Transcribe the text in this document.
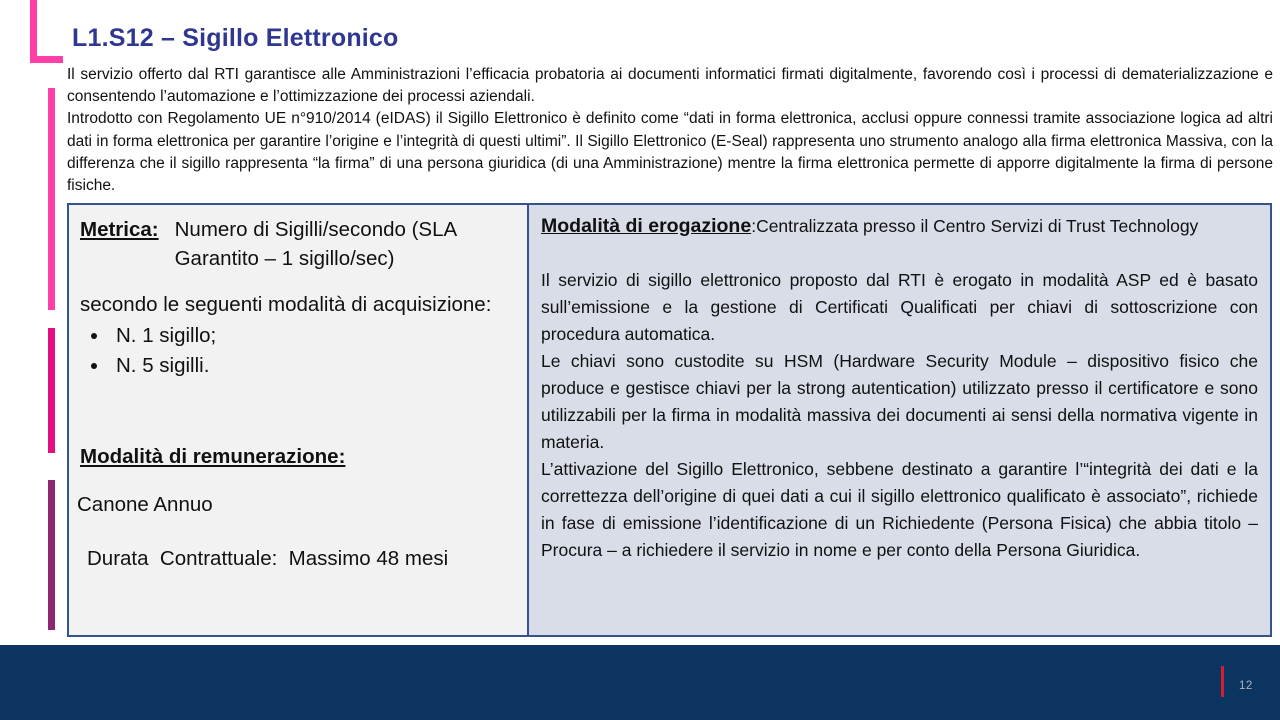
L1.S12 – Sigillo Elettronico

Il servizio offerto dal RTI garantisce alle Amministrazioni l’efficacia probatoria ai documenti informatici firmati digitalmente, favorendo così i processi di dematerializzazione e consentendo l’automazione e l’ottimizzazione dei processi aziendali.

Introdotto con Regolamento UE n°910/2014 (eIDAS) il Sigillo Elettronico è definito come “dati in forma elettronica, acclusi oppure connessi tramite associazione logica ad altri dati in forma elettronica per garantire l’origine e l’integrità di questi ultimi”. Il Sigillo Elettronico (E-Seal) rappresenta uno strumento analogo alla firma elettronica Massiva, con la differenza che il sigillo rappresenta “la firma” di una persona giuridica (di una Amministrazione) mentre la firma elettronica permette di apporre digitalmente la firma di persone fisiche.

Metrica: Numero di Sigilli/secondo (SLA Garantito – 1 sigillo/sec)
secondo le seguenti modalità di acquisizione:
• N. 1 sigillo;
• N. 5 sigilli.
Modalità di remunerazione:
Canone Annuo
Durata  Contrattuale:  Massimo 48 mesi
Modalità di erogazione:Centralizzata presso il Centro Servizi di Trust Technology

Il servizio di sigillo elettronico proposto dal RTI è erogato in modalità ASP ed è basato sull’emissione e la gestione di Certificati Qualificati per chiavi di sottoscrizione con procedura automatica.

Le chiavi sono custodite su HSM (Hardware Security Module – dispositivo fisico che produce e gestisce chiavi per la strong autentication) utilizzato presso il certificatore e sono utilizzabili per la firma in modalità massiva dei documenti ai sensi della normativa vigente in materia.

L’attivazione del Sigillo Elettronico, sebbene destinato a garantire l’“integrità dei dati e la correttezza dell’origine di quei dati a cui il sigillo elettronico qualificato è associato”, richiede in fase di emissione l’identificazione di un Richiedente (Persona Fisica) che abbia titolo – Procura – a richiedere il servizio in nome e per conto della Persona Giuridica.

12
